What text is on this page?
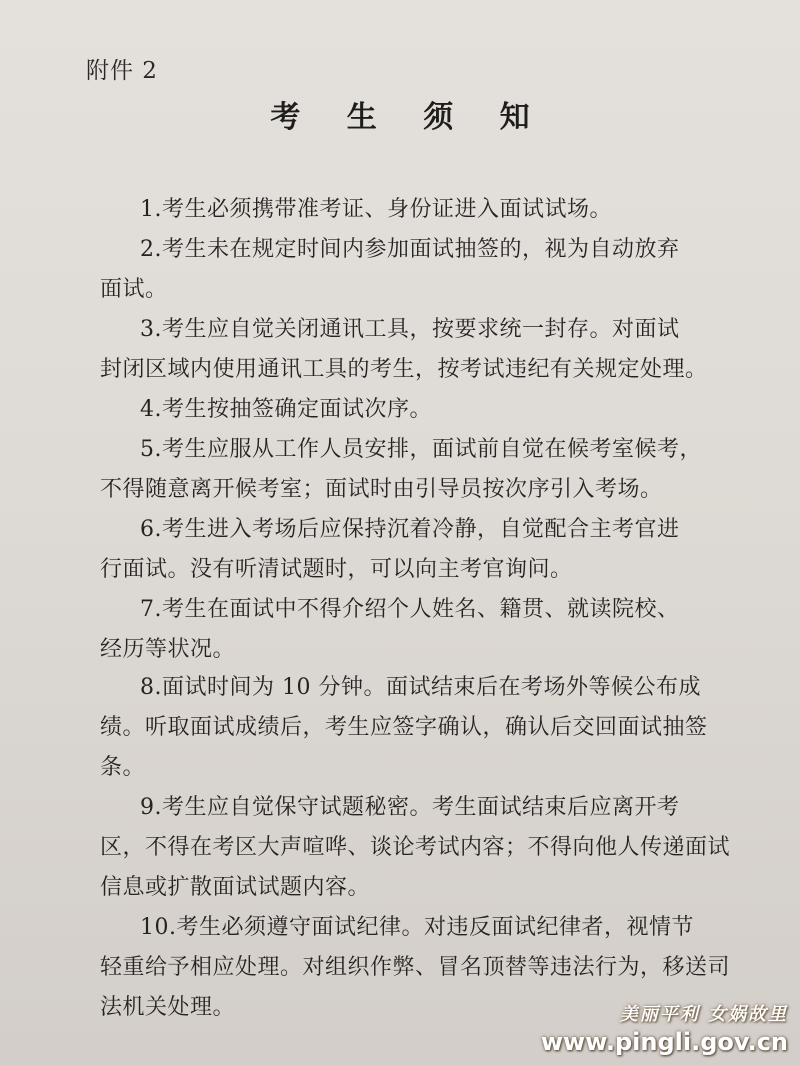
附件 2
考 生 须 知
1.考生必须携带准考证、身份证进入面试试场。
2.考生未在规定时间内参加面试抽签的，视为自动放弃
面试。
3.考生应自觉关闭通讯工具，按要求统一封存。对面试
封闭区域内使用通讯工具的考生，按考试违纪有关规定处理。
4.考生按抽签确定面试次序。
5.考生应服从工作人员安排，面试前自觉在候考室候考，
不得随意离开候考室；面试时由引导员按次序引入考场。
6.考生进入考场后应保持沉着冷静，自觉配合主考官进
行面试。没有听清试题时，可以向主考官询问。
7.考生在面试中不得介绍个人姓名、籍贯、就读院校、
经历等状况。
8.面试时间为 10 分钟。面试结束后在考场外等候公布成
绩。听取面试成绩后，考生应签字确认，确认后交回面试抽签条。
9.考生应自觉保守试题秘密。考生面试结束后应离开考
区，不得在考区大声喧哗、谈论考试内容；不得向他人传递面试信息或扩散面试试题内容。
10.考生必须遵守面试纪律。对违反面试纪律者，视情节
轻重给予相应处理。对组织作弊、冒名顶替等违法行为，移送司法机关处理。	美丽平利 女娲故里
www.pingli.gov.cn
